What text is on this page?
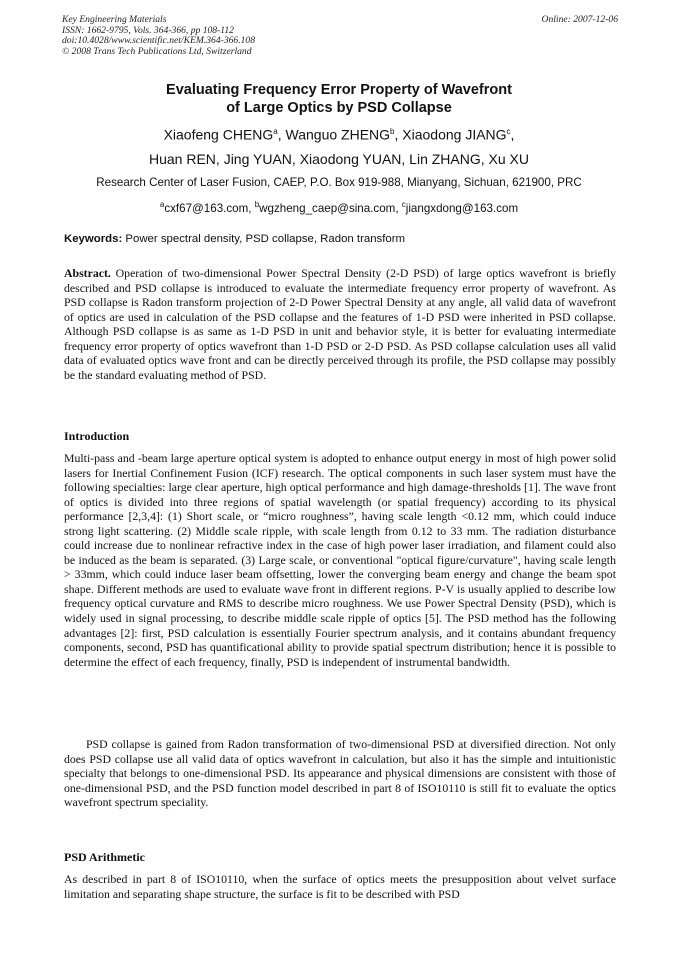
Key Engineering Materials
ISSN: 1662-9795, Vols. 364-366, pp 108-112
doi:10.4028/www.scientific.net/KEM.364-366.108
© 2008 Trans Tech Publications Ltd, Switzerland
Online: 2007-12-06
Evaluating Frequency Error Property of Wavefront
of Large Optics by PSD Collapse
Xiaofeng CHENG$^a$, Wanguo ZHENG$^b$, Xiaodong JIANG$^c$,
Huan REN, Jing YUAN, Xiaodong YUAN, Lin ZHANG, Xu XU
Research Center of Laser Fusion, CAEP, P.O. Box 919-988, Mianyang, Sichuan, 621900, PRC
$^a$cxf67@163.com, $^b$wgzheng_caep@sina.com, $^c$jiangxdong@163.com
Keywords: Power spectral density, PSD collapse, Radon transform
Abstract. Operation of two-dimensional Power Spectral Density (2-D PSD) of large optics wavefront is briefly described and PSD collapse is introduced to evaluate the intermediate frequency error property of wavefront. As PSD collapse is Radon transform projection of 2-D Power Spectral Density at any angle, all valid data of wavefront of optics are used in calculation of the PSD collapse and the features of 1-D PSD were inherited in PSD collapse. Although PSD collapse is as same as 1-D PSD in unit and behavior style, it is better for evaluating intermediate frequency error property of optics wavefront than 1-D PSD or 2-D PSD. As PSD collapse calculation uses all valid data of evaluated optics wave front and can be directly perceived through its profile, the PSD collapse may possibly be the standard evaluating method of PSD.
Introduction
Multi-pass and -beam large aperture optical system is adopted to enhance output energy in most of high power solid lasers for Inertial Confinement Fusion (ICF) research. The optical components in such laser system must have the following specialties: large clear aperture, high optical performance and high damage-thresholds [1]. The wave front of optics is divided into three regions of spatial wavelength (or spatial frequency) according to its physical performance [2,3,4]: (1) Short scale, or “micro roughness”, having scale length <0.12 mm, which could induce strong light scattering. (2) Middle scale ripple, with scale length from 0.12 to 33 mm. The radiation disturbance could increase due to nonlinear refractive index in the case of high power laser irradiation, and filament could also be induced as the beam is separated. (3) Large scale, or conventional "optical figure/curvature", having scale length > 33mm, which could induce laser beam offsetting, lower the converging beam energy and change the beam spot shape. Different methods are used to evaluate wave front in different regions. P-V is usually applied to describe low frequency optical curvature and RMS to describe micro roughness. We use Power Spectral Density (PSD), which is widely used in signal processing, to describe middle scale ripple of optics [5]. The PSD method has the following advantages [2]: first, PSD calculation is essentially Fourier spectrum analysis, and it contains abundant frequency components, second, PSD has quantificational ability to provide spatial spectrum distribution; hence it is possible to determine the effect of each frequency, finally, PSD is independent of instrumental bandwidth.
PSD collapse is gained from Radon transformation of two-dimensional PSD at diversified direction. Not only does PSD collapse use all valid data of optics wavefront in calculation, but also it has the simple and intuitionistic specialty that belongs to one-dimensional PSD. Its appearance and physical dimensions are consistent with those of one-dimensional PSD, and the PSD function model described in part 8 of ISO10110 is still fit to evaluate the optics wavefront spectrum speciality.
PSD Arithmetic
As described in part 8 of ISO10110, when the surface of optics meets the presupposition about velvet surface limitation and separating shape structure, the surface is fit to be described with PSD
